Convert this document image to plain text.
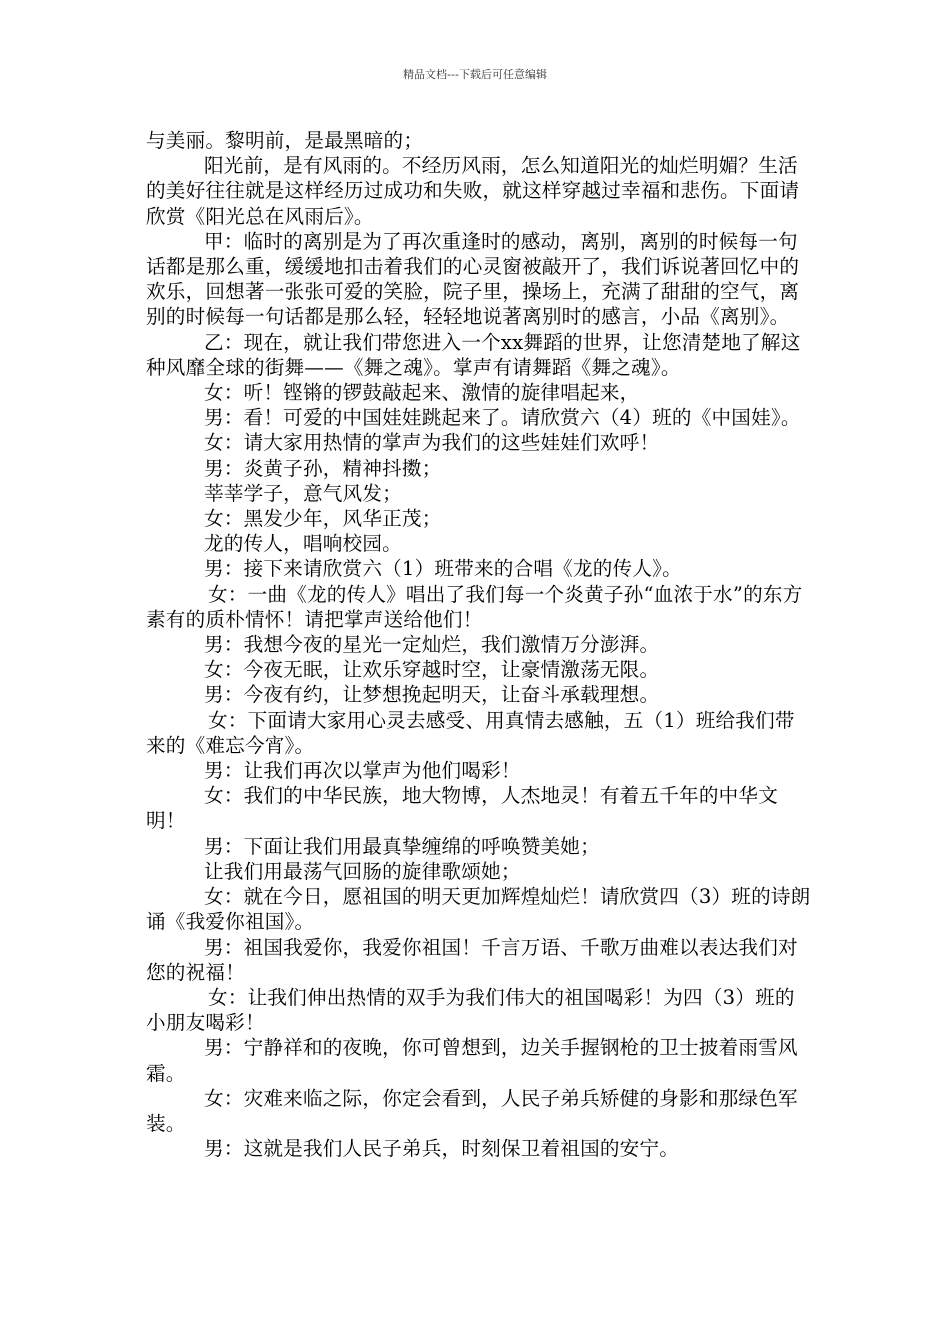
精品文档---下载后可任意编辑

与美丽。黎明前，是最黑暗的；

阳光前，是有风雨的。不经历风雨，怎么知道阳光的灿烂明媚？生活的美好往往就是这样经历过成功和失败，就这样穿越过幸福和悲伤。下面请欣赏《阳光总在风雨后》。

甲：临时的离别是为了再次重逢时的感动，离别，离别的时候每一句话都是那么重，缓缓地扣击着我们的心灵窗被敲开了，我们诉说著回忆中的欢乐，回想著一张张可爱的笑脸，院子里，操场上，充满了甜甜的空气，离别的时候每一句话都是那么轻，轻轻地说著离别时的感言，小品《离别》。

乙：现在，就让我们带您进入一个xx舞蹈的世界，让您清楚地了解这种风靡全球的街舞——《舞之魂》。掌声有请舞蹈《舞之魂》。

女：听！铿锵的锣鼓敲起来、激情的旋律唱起来，

男：看！可爱的中国娃娃跳起来了。请欣赏六（4）班的《中国娃》。

女：请大家用热情的掌声为我们的这些娃娃们欢呼！

男：炎黄子孙，精神抖擞；

莘莘学子，意气风发；

女：黑发少年，风华正茂；

龙的传人，唱响校园。

男：接下来请欣赏六（1）班带来的合唱《龙的传人》。

女：一曲《龙的传人》唱出了我们每一个炎黄子孙“血浓于水”的东方素有的质朴情怀！请把掌声送给他们！

男：我想今夜的星光一定灿烂，我们激情万分澎湃。

女：今夜无眠，让欢乐穿越时空，让豪情激荡无限。

男：今夜有约，让梦想挽起明天，让奋斗承载理想。

女：下面请大家用心灵去感受、用真情去感触，五（1）班给我们带来的《难忘今宵》。

男：让我们再次以掌声为他们喝彩！

女：我们的中华民族，地大物博，人杰地灵！有着五千年的中华文明！

男：下面让我们用最真挚缠绵的呼唤赞美她；

让我们用最荡气回肠的旋律歌颂她；

女：就在今日，愿祖国的明天更加辉煌灿烂！请欣赏四（3）班的诗朗诵《我爱你祖国》。

男：祖国我爱你，我爱你祖国！千言万语、千歌万曲难以表达我们对您的祝福！

女：让我们伸出热情的双手为我们伟大的祖国喝彩！为四（3）班的小朋友喝彩！

男：宁静祥和的夜晚，你可曾想到，边关手握钢枪的卫士披着雨雪风霜。

女：灾难来临之际，你定会看到，人民子弟兵矫健的身影和那绿色军装。

男：这就是我们人民子弟兵，时刻保卫着祖国的安宁。
